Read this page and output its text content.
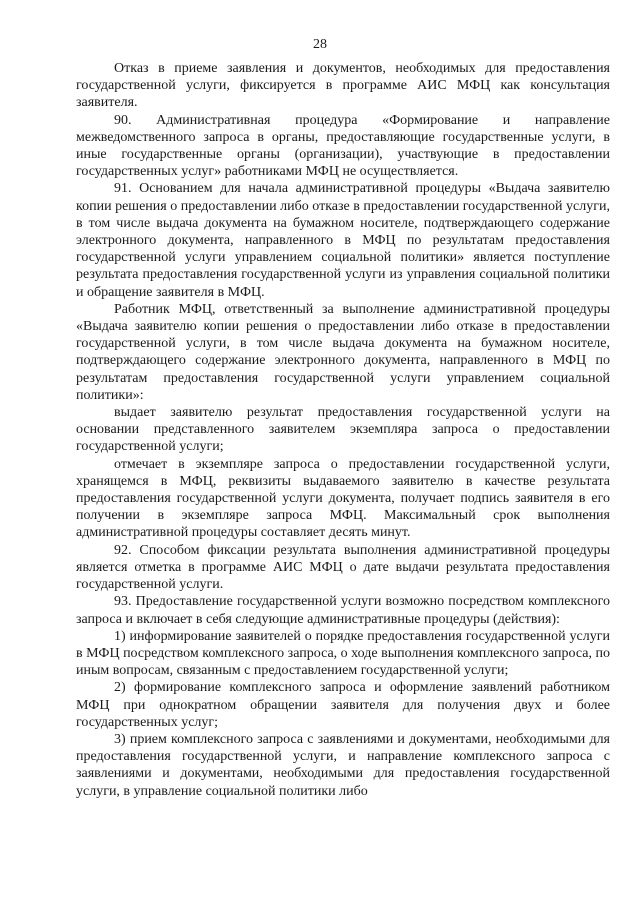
28

Отказ в приеме заявления и документов, необходимых для предоставления государственной услуги, фиксируется в программе АИС МФЦ как консультация заявителя.

90. Административная процедура «Формирование и направление межведомственного запроса в органы, предоставляющие государственные услуги, в иные государственные органы (организации), участвующие в предоставлении государственных услуг» работниками МФЦ не осуществляется.

91. Основанием для начала административной процедуры «Выдача заявителю копии решения о предоставлении либо отказе в предоставлении государственной услуги, в том числе выдача документа на бумажном носителе, подтверждающего содержание электронного документа, направленного в МФЦ по результатам предоставления государственной услуги управлением социальной политики» является поступление результата предоставления государственной услуги из управления социальной политики и обращение заявителя в МФЦ.

Работник МФЦ, ответственный за выполнение административной процедуры «Выдача заявителю копии решения о предоставлении либо отказе в предоставлении государственной услуги, в том числе выдача документа на бумажном носителе, подтверждающего содержание электронного документа, направленного в МФЦ по результатам предоставления государственной услуги управлением социальной политики»:

выдает заявителю результат предоставления государственной услуги на основании представленного заявителем экземпляра запроса о предоставлении государственной услуги;

отмечает в экземпляре запроса о предоставлении государственной услуги, хранящемся в МФЦ, реквизиты выдаваемого заявителю в качестве результата предоставления государственной услуги документа, получает подпись заявителя в его получении в экземпляре запроса МФЦ. Максимальный срок выполнения административной процедуры составляет десять минут.

92. Способом фиксации результата выполнения административной процедуры является отметка в программе АИС МФЦ о дате выдачи результата предоставления государственной услуги.

93. Предоставление государственной услуги возможно посредством комплексного запроса и включает в себя следующие административные процедуры (действия):

1) информирование заявителей о порядке предоставления государственной услуги в МФЦ посредством комплексного запроса, о ходе выполнения комплексного запроса, по иным вопросам, связанным с предоставлением государственной услуги;

2) формирование комплексного запроса и оформление заявлений работником МФЦ при однократном обращении заявителя для получения двух и более государственных услуг;

3) прием комплексного запроса с заявлениями и документами, необходимыми для предоставления государственной услуги, и направление комплексного запроса с заявлениями и документами, необходимыми для предоставления государственной услуги, в управление социальной политики либо
